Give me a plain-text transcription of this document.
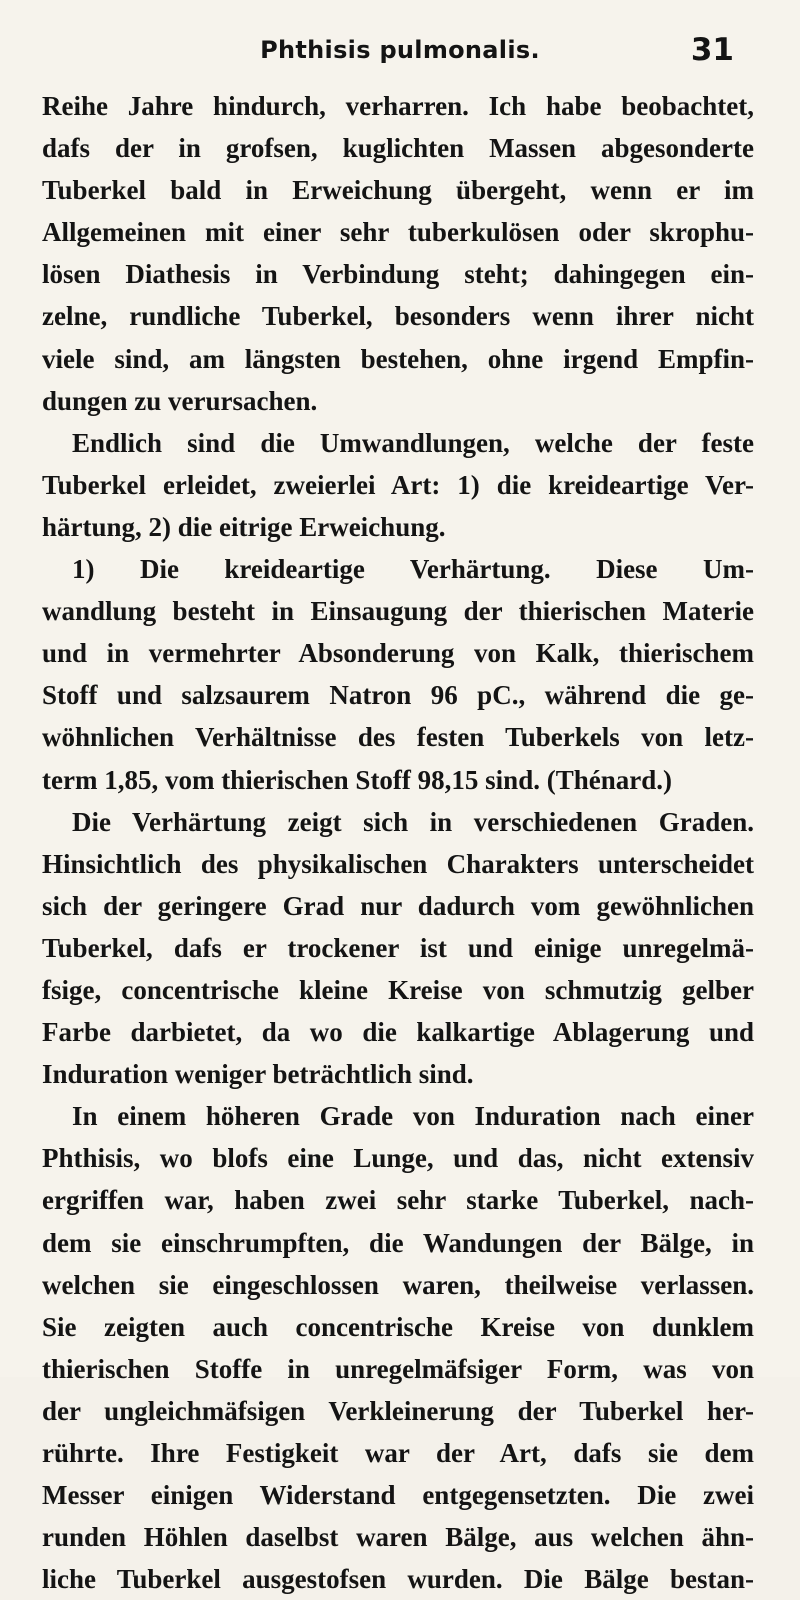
Phthisis pulmonalis.	31
Reihe Jahre hindurch, verharren. Ich habe beobachtet,
dafs der in grofsen, kuglichten Massen abgesonderte
Tuberkel bald in Erweichung übergeht, wenn er im
Allgemeinen mit einer sehr tuberkulösen oder skrophu-
lösen Diathesis in Verbindung steht; dahingegen ein-
zelne, rundliche Tuberkel, besonders wenn ihrer nicht
viele sind, am längsten bestehen, ohne irgend Empfin-
dungen zu verursachen.
Endlich sind die Umwandlungen, welche der feste
Tuberkel erleidet, zweierlei Art: 1) die kreideartige Ver-
härtung, 2) die eitrige Erweichung.
1) Die kreideartige Verhärtung. Diese Um-
wandlung besteht in Einsaugung der thierischen Materie
und in vermehrter Absonderung von Kalk, thierischem
Stoff und salzsaurem Natron 96 pC., während die ge-
wöhnlichen Verhältnisse des festen Tuberkels von letz-
term 1,85, vom thierischen Stoff 98,15 sind. (Thénard.)
Die Verhärtung zeigt sich in verschiedenen Graden.
Hinsichtlich des physikalischen Charakters unterscheidet
sich der geringere Grad nur dadurch vom gewöhnlichen
Tuberkel, dafs er trockener ist und einige unregelmä-
fsige, concentrische kleine Kreise von schmutzig gelber
Farbe darbietet, da wo die kalkartige Ablagerung und
Induration weniger beträchtlich sind.
In einem höheren Grade von Induration nach einer
Phthisis, wo blofs eine Lunge, und das, nicht extensiv
ergriffen war, haben zwei sehr starke Tuberkel, nach-
dem sie einschrumpften, die Wandungen der Bälge, in
welchen sie eingeschlossen waren, theilweise verlassen.
Sie zeigten auch concentrische Kreise von dunklem
thierischen Stoffe in unregelmäfsiger Form, was von
der ungleichmäfsigen Verkleinerung der Tuberkel her-
rührte. Ihre Festigkeit war der Art, dafs sie dem
Messer einigen Widerstand entgegensetzten. Die zwei
runden Höhlen daselbst waren Bälge, aus welchen ähn-
liche Tuberkel ausgestofsen wurden. Die Bälge bestan-
